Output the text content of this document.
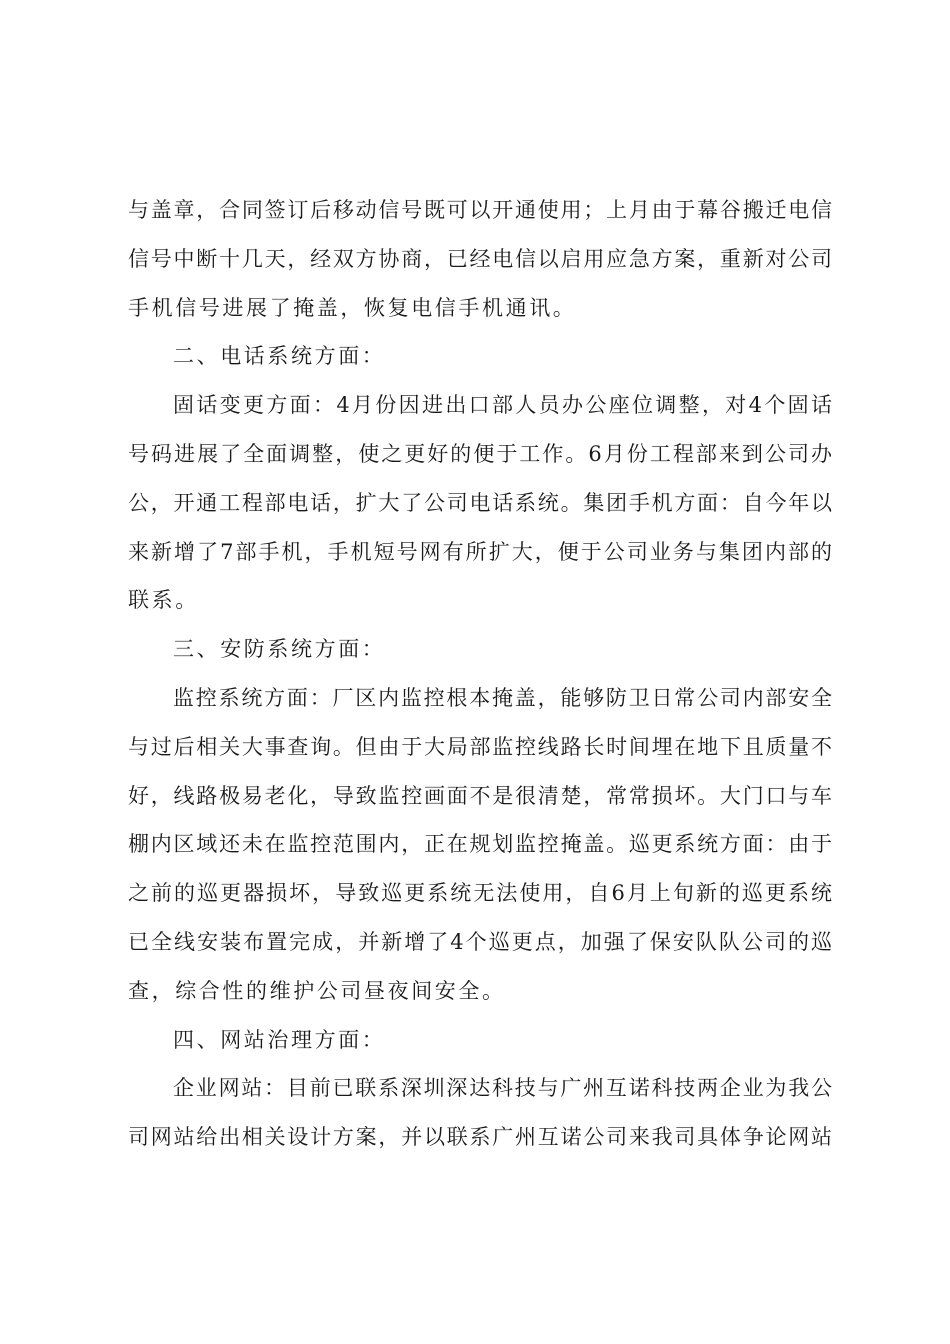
与盖章，合同签订后移动信号既可以开通使用；上月由于幕谷搬迁电信
信号中断十几天，经双方协商，已经电信以启用应急方案，重新对公司
手机信号进展了掩盖，恢复电信手机通讯。
二、电话系统方面：
固话变更方面：4月份因进出口部人员办公座位调整，对4个固话
号码进展了全面调整，使之更好的便于工作。6月份工程部来到公司办
公，开通工程部电话，扩大了公司电话系统。集团手机方面：自今年以
来新增了7部手机，手机短号网有所扩大，便于公司业务与集团内部的
联系。
三、安防系统方面：
监控系统方面：厂区内监控根本掩盖，能够防卫日常公司内部安全
与过后相关大事查询。但由于大局部监控线路长时间埋在地下且质量不
好，线路极易老化，导致监控画面不是很清楚，常常损坏。大门口与车
棚内区域还未在监控范围内，正在规划监控掩盖。巡更系统方面：由于
之前的巡更器损坏，导致巡更系统无法使用，自6月上旬新的巡更系统
已全线安装布置完成，并新增了4个巡更点，加强了保安队队公司的巡
查，综合性的维护公司昼夜间安全。
四、网站治理方面：
企业网站：目前已联系深圳深达科技与广州互诺科技两企业为我公
司网站给出相关设计方案，并以联系广州互诺公司来我司具体争论网站
